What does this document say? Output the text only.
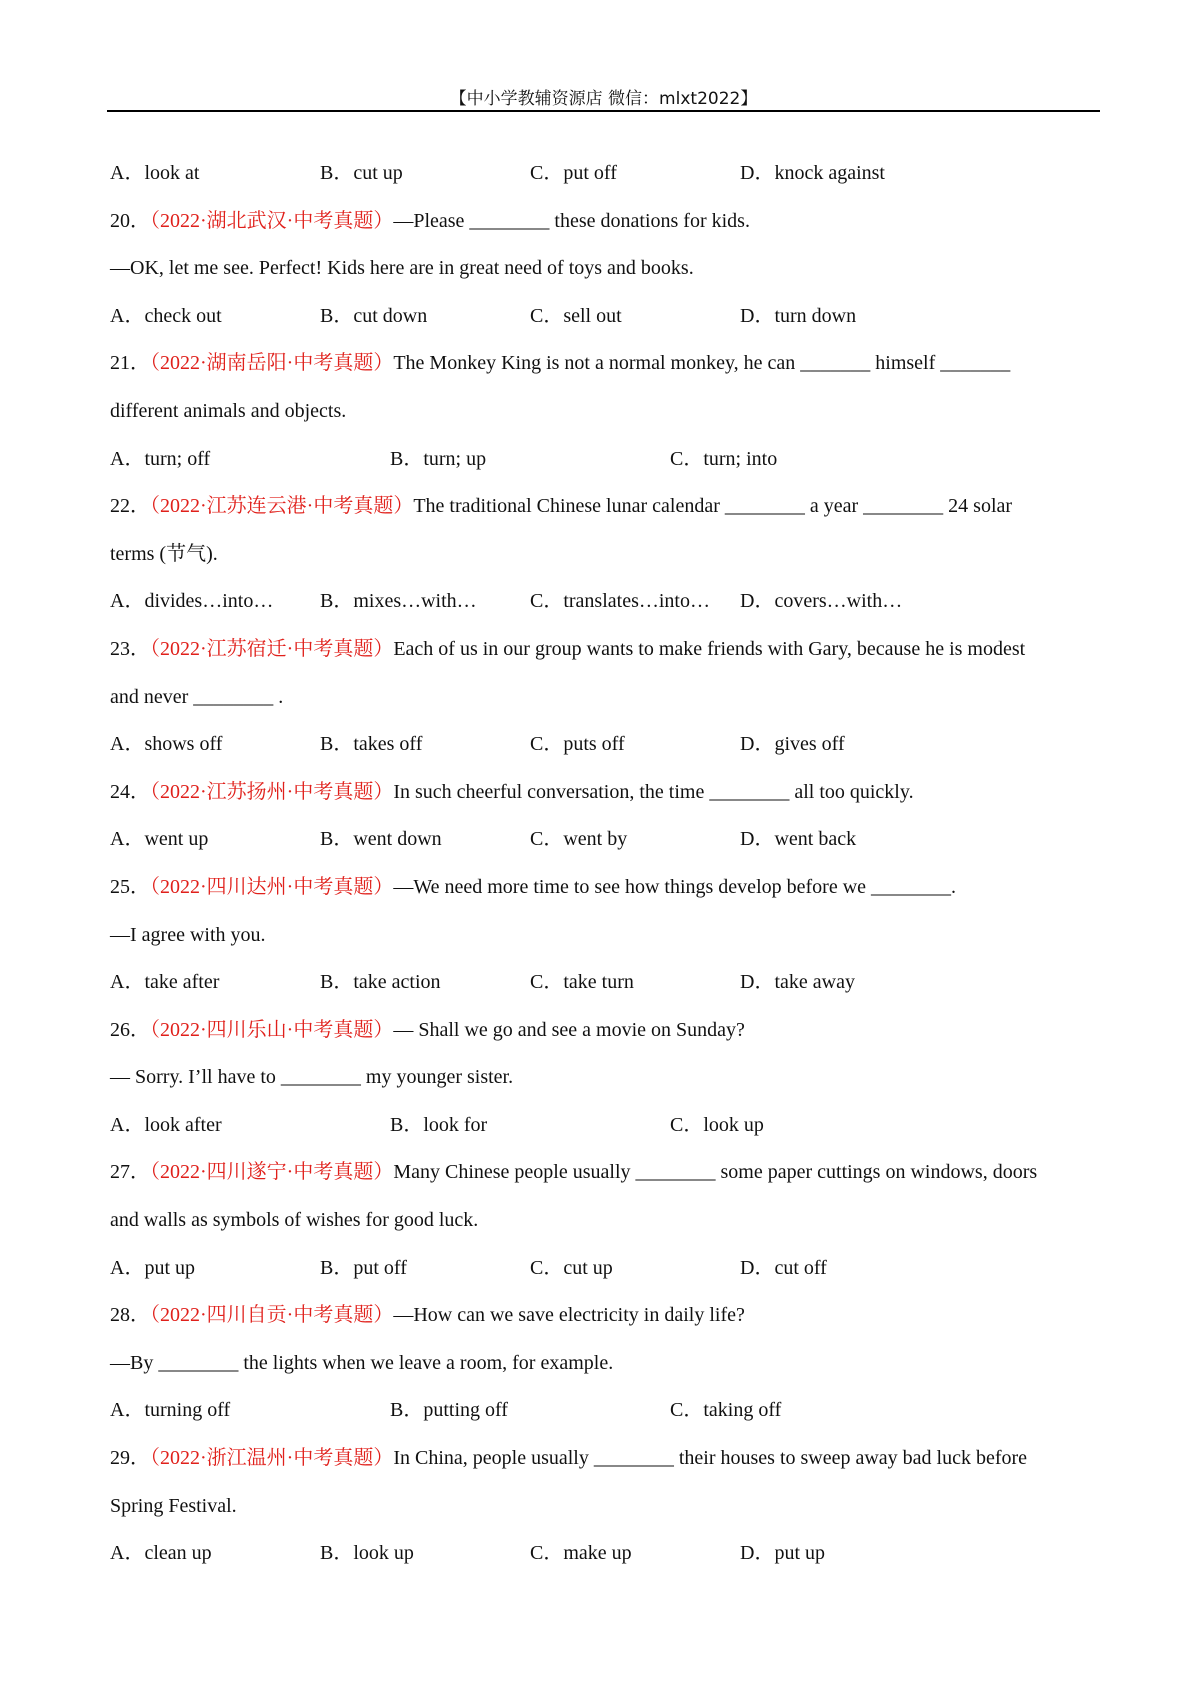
【中小学教辅资源店 微信：mlxt2022】
A．look at	B．cut up	C．put off	D．knock against
20．（2022·湖北武汉·中考真题）—Please ________ these donations for kids.
—OK, let me see. Perfect! Kids here are in great need of toys and books.
A．check out	B．cut down	C．sell out	D．turn down
21．（2022·湖南岳阳·中考真题）The Monkey King is not a normal monkey, he can _______ himself _______
different animals and objects.
A．turn; off	B．turn; up	C．turn; into
22．（2022·江苏连云港·中考真题）The traditional Chinese lunar calendar ________ a year ________ 24 solar
terms (节气).
A．divides…into… B．mixes…with…	C．translates…into… D．covers…with…
23．（2022·江苏宿迁·中考真题）Each of us in our group wants to make friends with Gary, because he is modest
and never ________ .
A．shows off	B．takes off	C．puts off	D．gives off
24．（2022·江苏扬州·中考真题）In such cheerful conversation, the time ________ all too quickly.
A．went up	B．went down	C．went by	D．went back
25．（2022·四川达州·中考真题）—We need more time to see how things develop before we ________.
—I agree with you.
A．take after	B．take action	C．take turn	D．take away
26．（2022·四川乐山·中考真题）— Shall we go and see a movie on Sunday?
— Sorry. I’ll have to ________ my younger sister.
A．look after	B．look for	C．look up
27．（2022·四川遂宁·中考真题）Many Chinese people usually ________ some paper cuttings on windows, doors
and walls as symbols of wishes for good luck.
A．put up	B．put off	C．cut up	D．cut off
28．（2022·四川自贡·中考真题）—How can we save electricity in daily life?
—By ________ the lights when we leave a room, for example.
A．turning off	B．putting off	C．taking off
29．（2022·浙江温州·中考真题）In China, people usually ________ their houses to sweep away bad luck before
Spring Festival.
A．clean up	B．look up	C．make up	D．put up
